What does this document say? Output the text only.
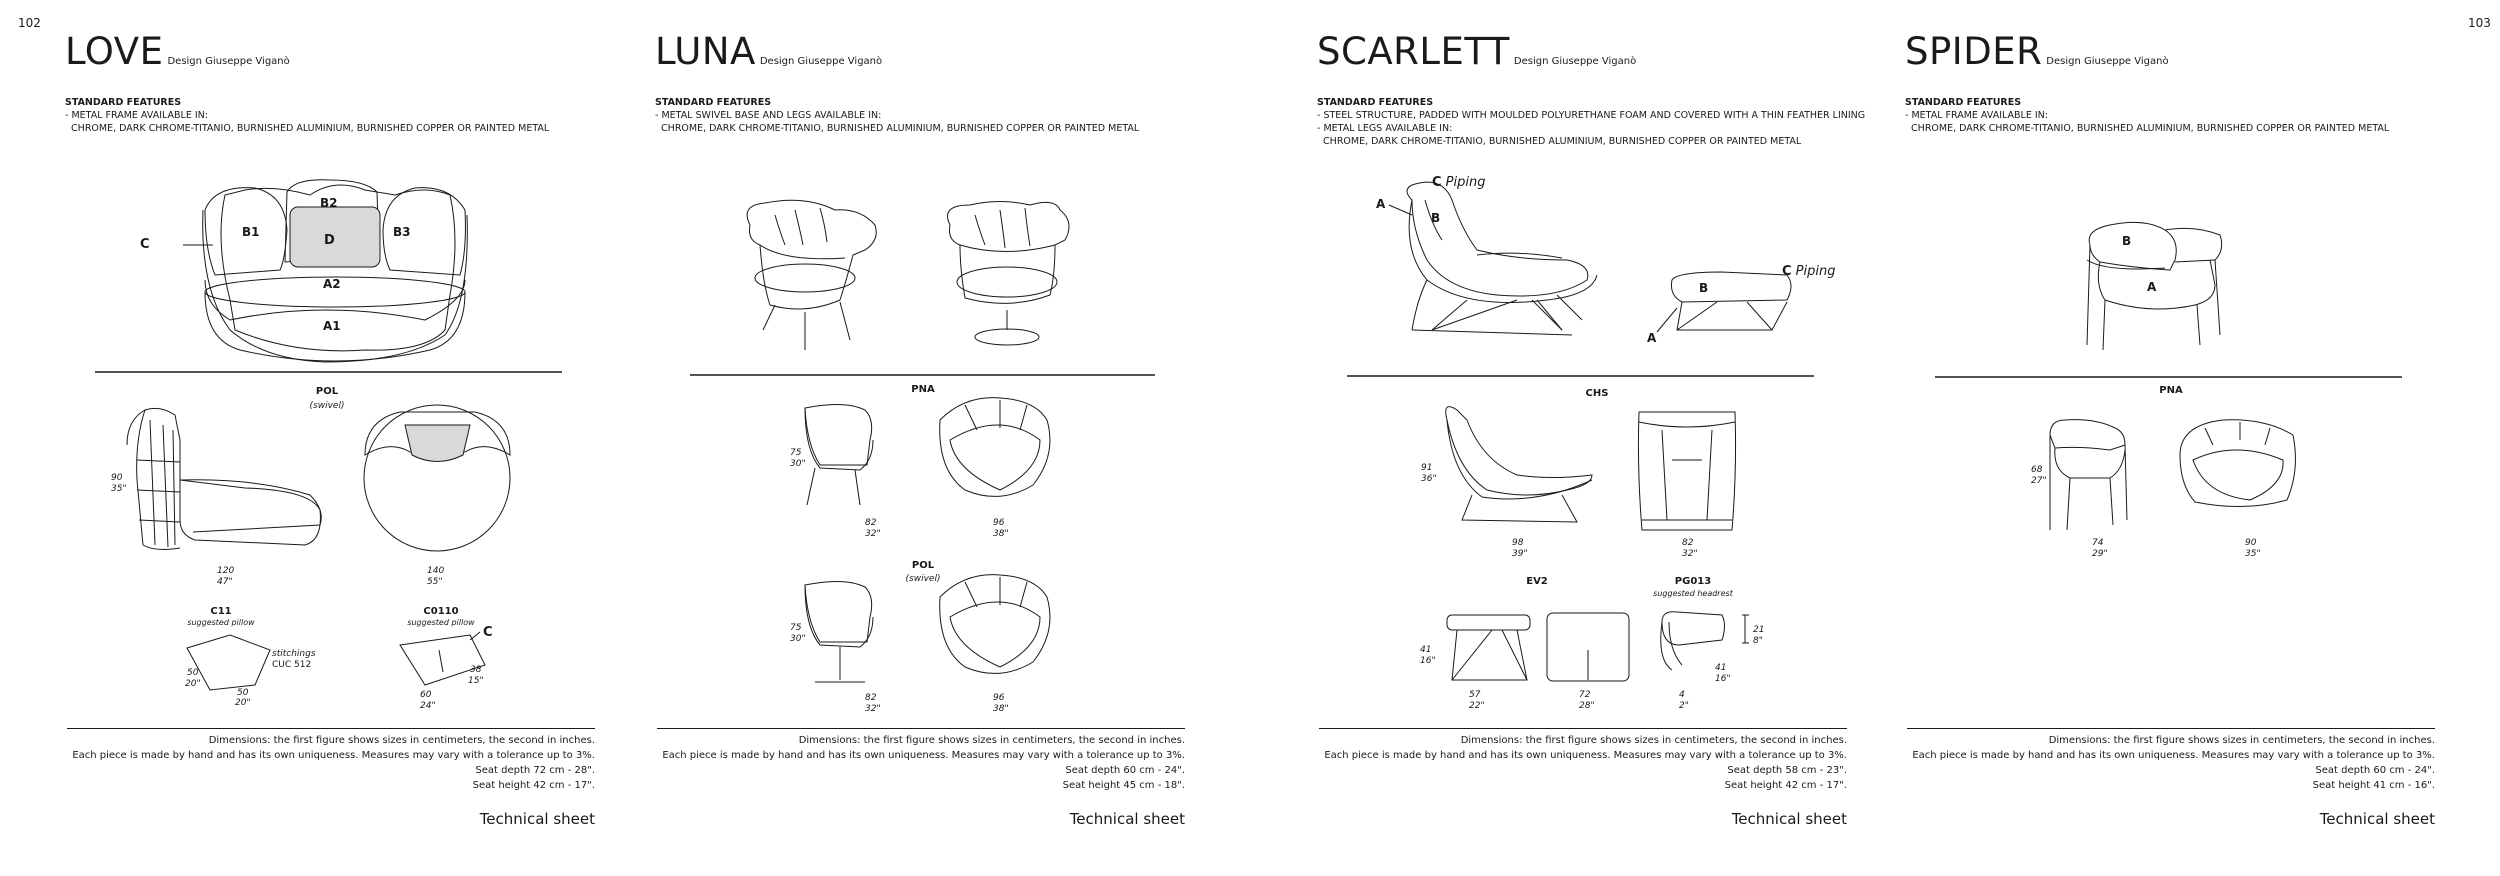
102	103
LOVE Design Giuseppe Viganò
STANDARD FEATURES
- METAL FRAME AVAILABLE IN:
CHROME, DARK CHROME-TITANIO, BURNISHED ALUMINIUM, BURNISHED COPPER OR PAINTED METAL
B1
B2
B3
D
A2
A1
C
POL
(swivel)
90
35"
120
47"
140
55"
C11
suggested pillow
50
20"
50
20"
stitchings
CUC 512
C0110
suggested pillow
C
38
15"
60
24"
Dimensions: the first figure shows sizes in centimeters, the second in inches.
Each piece is made by hand and has its own uniqueness. Measures may vary with a tolerance up to 3%.
Seat depth 72 cm - 28".
Seat height 42 cm - 17".
Technical sheet
LUNA Design Giuseppe Viganò
STANDARD FEATURES
- METAL SWIVEL BASE AND LEGS AVAILABLE IN:
CHROME, DARK CHROME-TITANIO, BURNISHED ALUMINIUM, BURNISHED COPPER OR PAINTED METAL
PNA
75
30"
82
32"
96
38"
POL
(swivel)
75
30"
82
32"
96
38"
Dimensions: the first figure shows sizes in centimeters, the second in inches.
Each piece is made by hand and has its own uniqueness. Measures may vary with a tolerance up to 3%.
Seat depth 60 cm - 24".
Seat height 45 cm - 18".
Technical sheet
SCARLETT Design Giuseppe Viganò
STANDARD FEATURES
- STEEL STRUCTURE, PADDED WITH MOULDED POLYURETHANE FOAM AND COVERED WITH A THIN FEATHER LINING
- METAL LEGS AVAILABLE IN:
CHROME, DARK CHROME-TITANIO, BURNISHED ALUMINIUM, BURNISHED COPPER OR PAINTED METAL
C Piping
A
B
B
A
C Piping
CHS
91
36"
98
39"
82
32"
EV2
41
16"
57
22"
72
28"
PG013
suggested headrest
21
8"
41
16"
4
2"
Dimensions: the first figure shows sizes in centimeters, the second in inches.
Each piece is made by hand and has its own uniqueness. Measures may vary with a tolerance up to 3%.
Seat depth 58 cm - 23".
Seat height 42 cm - 17".
Technical sheet
SPIDER Design Giuseppe Viganò
STANDARD FEATURES
- METAL FRAME AVAILABLE IN:
CHROME, DARK CHROME-TITANIO, BURNISHED ALUMINIUM, BURNISHED COPPER OR PAINTED METAL
B
A
PNA
68
27"
74
29"
90
35"
Dimensions: the first figure shows sizes in centimeters, the second in inches.
Each piece is made by hand and has its own uniqueness. Measures may vary with a tolerance up to 3%.
Seat depth 60 cm - 24".
Seat height 41 cm - 16".
Technical sheet
